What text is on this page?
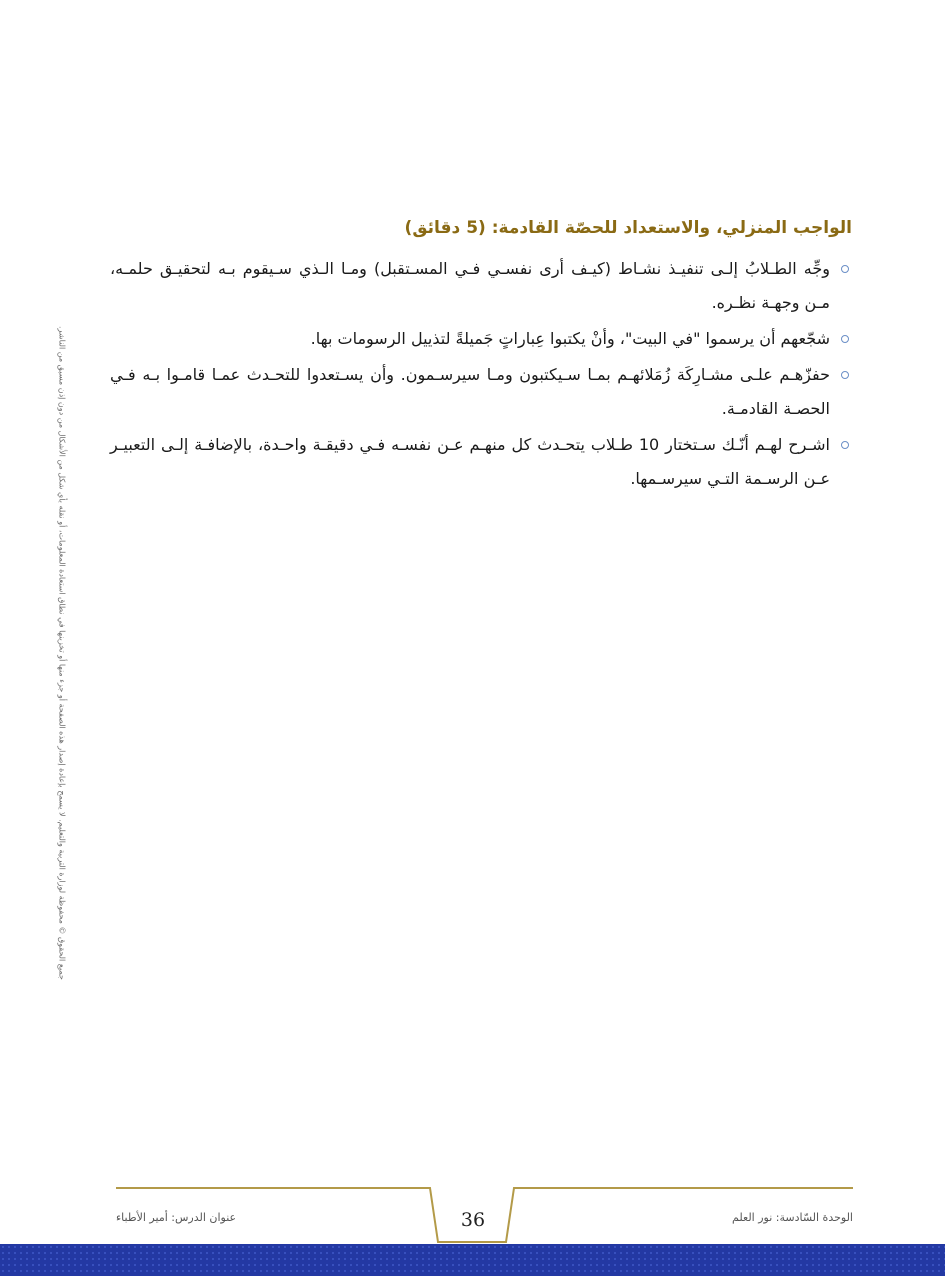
الواجب المنزلي، والاستعداد للحصّة القادمة: (5 دقائق)
وجِّه الطـلابُ إلـى تنفيـذ نشـاط (كيـف أرى نفسـي فـي المسـتقبل) ومـا الـذي سـيقوم بـه لتحقيـق حلمـه، مـن وجهـة نظـره.
شجّعهم أن يرسموا "في البيت"، وأنْ يكتبوا عِباراتٍ جَميلةً لتذييل الرسومات بها.
حفزّهـم علـى مشـارِكَة زُمَلائهـم بمـا سـيكتبون ومـا سيرسـمون. وأن يسـتعدوا للتحـدث عمـا قامـوا بـه فـي الحصـة القادمـة.
اشـرح لهـم أنّـك سـتختار 10 طـلاب يتحـدث كل منهـم عـن نفسـه فـي دقيقـة واحـدة، بالإضافـة إلـى التعبيـر عـن الرسـمة التـي سيرسـمها.
جميع الحقوق © محفوظة لوزارة التربية والتعليم. لا يسمح بإعادة إصدار هذه الصفحة أو جزء منها أو تخزينها في نطاق استعادة المعلومات، أو نقله بأي شكل من الأشكال من دون إذن مسبق من الناشر.
عنوان الدرس: أمير الأطباء	36	الوحدة السّادسة: نور العلم
